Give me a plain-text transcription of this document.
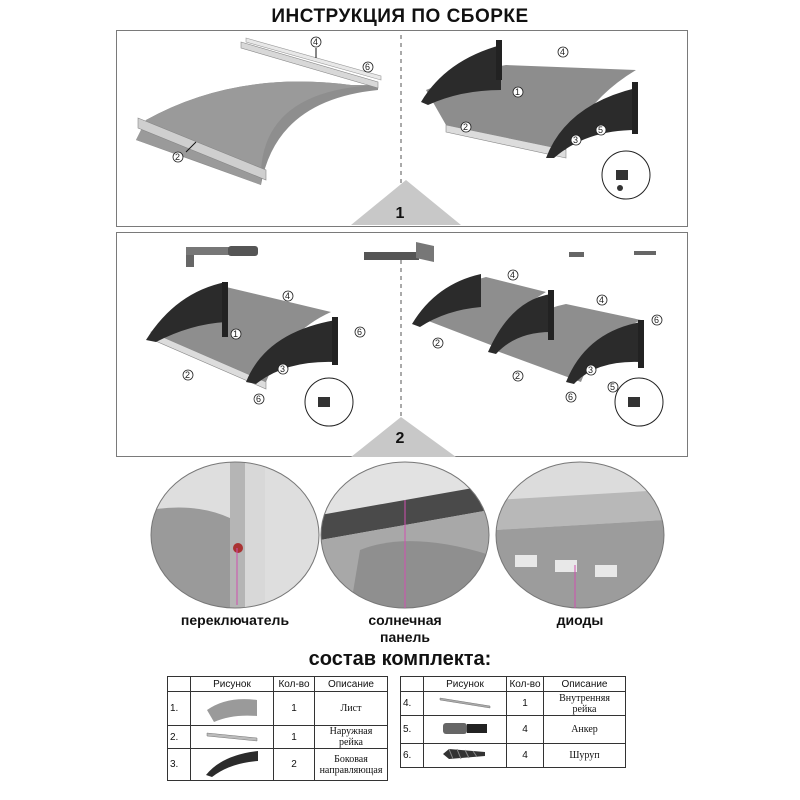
ИНСТРУКЦИЯ ПО СБОРКЕ
4
6
2
1
4
2
3
5
1
1
4
6
2
3
6
4
4
6
2
2
3
5
6
2
переключатель	солнечная
панель
диоды
состав комплекта:
	Рисунок	Кол-во	Описание
1.		1	Лист
2.		1	Наружная рейка
3.		2	Боковая
направляющая
	Рисунок	Кол-во	Описание
4.		1	Внутренняя рейка
5.		4	Анкер
6.		4	Шуруп
